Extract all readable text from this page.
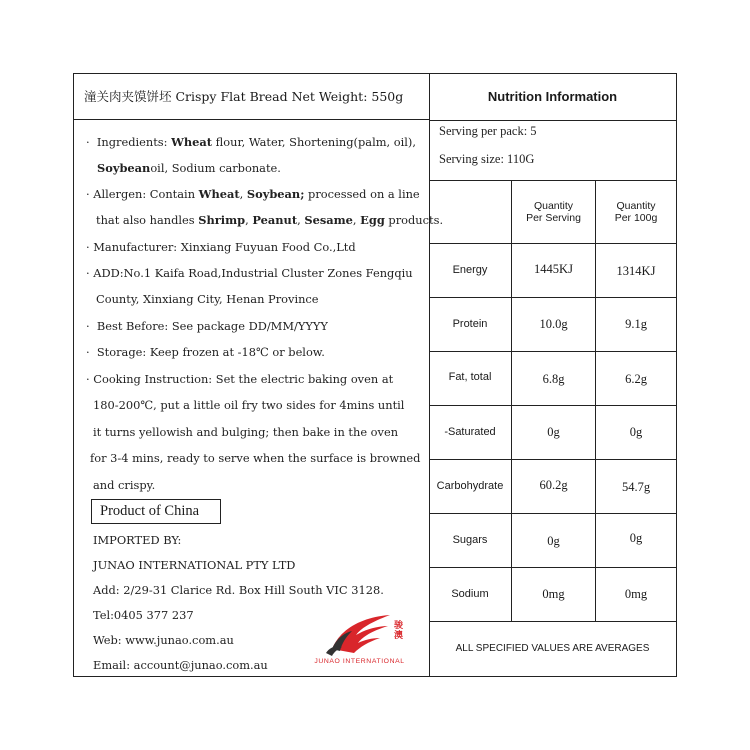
潼关肉夹馍饼坯 Crispy Flat Bread Net Weight: 550g
· Ingredients: Wheat flour, Water, Shortening(palm, oil),
Soybeanoil, Sodium carbonate.
· Allergen: Contain Wheat, Soybean; processed on a line
that also handles Shrimp, Peanut, Sesame, Egg products.
· Manufacturer: Xinxiang Fuyuan Food Co.,Ltd
· ADD:No.1 Kaifa Road,Industrial Cluster Zones Fengqiu
County, Xinxiang City, Henan Province
· Best Before: See package DD/MM/YYYY
· Storage: Keep frozen at -18℃ or below.
· Cooking Instruction: Set the electric baking oven at
180-200℃, put a little oil fry two sides for 4mins until
it turns yellowish and bulging; then bake in the oven
for 3-4 mins, ready to serve when the surface is browned
and crispy.
Product of China
IMPORTED BY:
JUNAO INTERNATIONAL PTY LTD
Add: 2/29-31 Clarice Rd. Box Hill South VIC 3128.
Tel:0405 377 237
Web: www.junao.com.au
Email: account@junao.com.au
骏澳
JUNAO INTERNATIONAL
Nutrition Information
Serving per pack: 5
Serving size: 110G
Quantity
Per Serving
Quantity
Per 100g
Energy	1445KJ	1314KJ
Protein	10.0g	9.1g
Fat, total	6.8g	6.2g
-Saturated	0g	0g
Carbohydrate	60.2g	54.7g
Sugars	0g	0g
Sodium	0mg	0mg
ALL SPECIFIED VALUES ARE AVERAGES
